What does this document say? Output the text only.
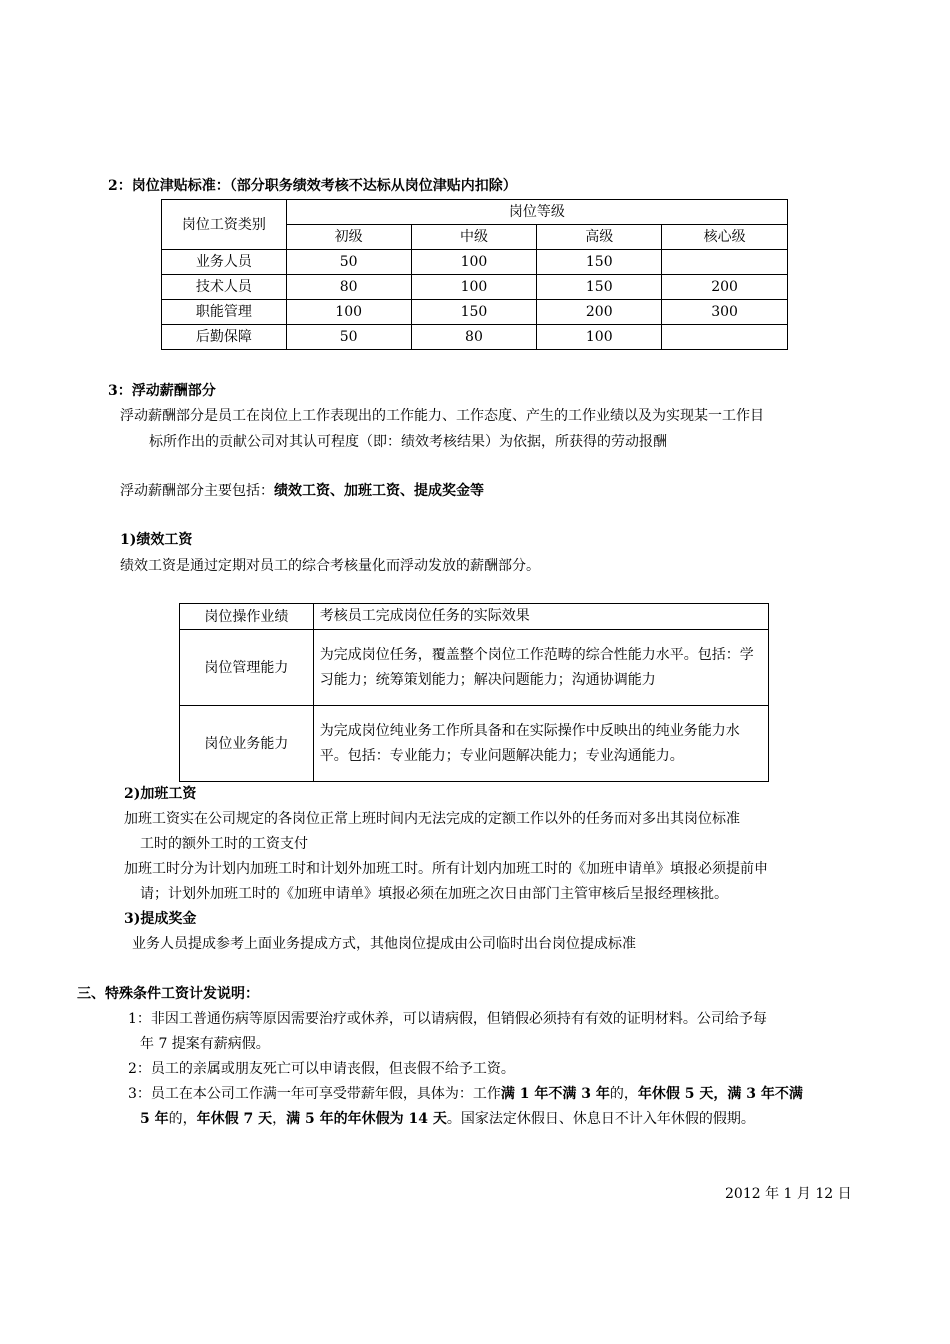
2：岗位津贴标准：（部分职务绩效考核不达标从岗位津贴内扣除）
岗位工资类别	岗位等级			
	初级	中级	高级	核心级
业务人员	50	100	150	
技术人员	80	100	150	200
职能管理	100	150	200	300
后勤保障	50	80	100	
3：浮动薪酬部分
浮动薪酬部分是员工在岗位上工作表现出的工作能力、工作态度、产生的工作业绩以及为实现某一工作目
标所作出的贡献公司对其认可程度（即：绩效考核结果）为依据，所获得的劳动报酬
浮动薪酬部分主要包括：绩效工资、加班工资、提成奖金等
1)绩效工资
绩效工资是通过定期对员工的综合考核量化而浮动发放的薪酬部分。
岗位操作业绩	考核员工完成岗位任务的实际效果
岗位管理能力	为完成岗位任务，覆盖整个岗位工作范畴的综合性能力水平。包括：学习能力；统筹策划能力；解决问题能力；沟通协调能力
岗位业务能力	为完成岗位纯业务工作所具备和在实际操作中反映出的纯业务能力水平。包括：专业能力；专业问题解决能力；专业沟通能力。
2)加班工资
加班工资实在公司规定的各岗位正常上班时间内无法完成的定额工作以外的任务而对多出其岗位标准
工时的额外工时的工资支付
加班工时分为计划内加班工时和计划外加班工时。所有计划内加班工时的《加班申请单》填报必须提前申
请；计划外加班工时的《加班申请单》填报必须在加班之次日由部门主管审核后呈报经理核批。
3)提成奖金
业务人员提成参考上面业务提成方式，其他岗位提成由公司临时出台岗位提成标准
三、特殊条件工资计发说明：
1：非因工普通伤病等原因需要治疗或休养，可以请病假，但销假必须持有有效的证明材料。公司给予每
年 7 提案有薪病假。
2：员工的亲属或朋友死亡可以申请丧假，但丧假不给予工资。
3：员工在本公司工作满一年可享受带薪年假，具体为：工作满 1 年不满 3 年的，年休假 5 天，满 3 年不满
5 年的，年休假 7 天，满 5 年的年休假为 14 天。国家法定休假日、休息日不计入年休假的假期。
2012 年 1 月 12 日
